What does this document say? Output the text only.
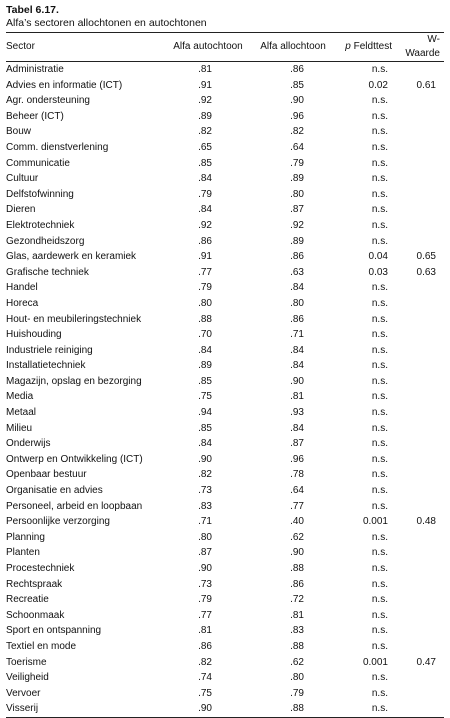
Tabel 6.17.
Alfa’s sectoren allochtonen en autochtonen
Sector	Alfa autochtoon	Alfa allochtoon	p Feldttest	W-Waarde
Administratie	.81	.86	n.s.	
Advies en informatie (ICT)	.91	.85	0.02	0.61
Agr. ondersteuning	.92	.90	n.s.	
Beheer (ICT)	.89	.96	n.s.	
Bouw	.82	.82	n.s.	
Comm. dienstverlening	.65	.64	n.s.	
Communicatie	.85	.79	n.s.	
Cultuur	.84	.89	n.s.	
Delfstofwinning	.79	.80	n.s.	
Dieren	.84	.87	n.s.	
Elektrotechniek	.92	.92	n.s.	
Gezondheidszorg	.86	.89	n.s.	
Glas, aardewerk en keramiek	.91	.86	0.04	0.65
Grafische techniek	.77	.63	0.03	0.63
Handel	.79	.84	n.s.	
Horeca	.80	.80	n.s.	
Hout- en meubileringstechniek	.88	.86	n.s.	
Huishouding	.70	.71	n.s.	
Industriele reiniging	.84	.84	n.s.	
Installatietechniek	.89	.84	n.s.	
Magazijn, opslag en bezorging	.85	.90	n.s.	
Media	.75	.81	n.s.	
Metaal	.94	.93	n.s.	
Milieu	.85	.84	n.s.	
Onderwijs	.84	.87	n.s.	
Ontwerp en Ontwikkeling (ICT)	.90	.96	n.s.	
Openbaar bestuur	.82	.78	n.s.	
Organisatie en advies	.73	.64	n.s.	
Personeel, arbeid en loopbaan	.83	.77	n.s.	
Persoonlijke verzorging	.71	.40	0.001	0.48
Planning	.80	.62	n.s.	
Planten	.87	.90	n.s.	
Procestechniek	.90	.88	n.s.	
Rechtspraak	.73	.86	n.s.	
Recreatie	.79	.72	n.s.	
Schoonmaak	.77	.81	n.s.	
Sport en ontspanning	.81	.83	n.s.	
Textiel en mode	.86	.88	n.s.	
Toerisme	.82	.62	0.001	0.47
Veiligheid	.74	.80	n.s.	
Vervoer	.75	.79	n.s.	
Visserij	.90	.88	n.s.	
